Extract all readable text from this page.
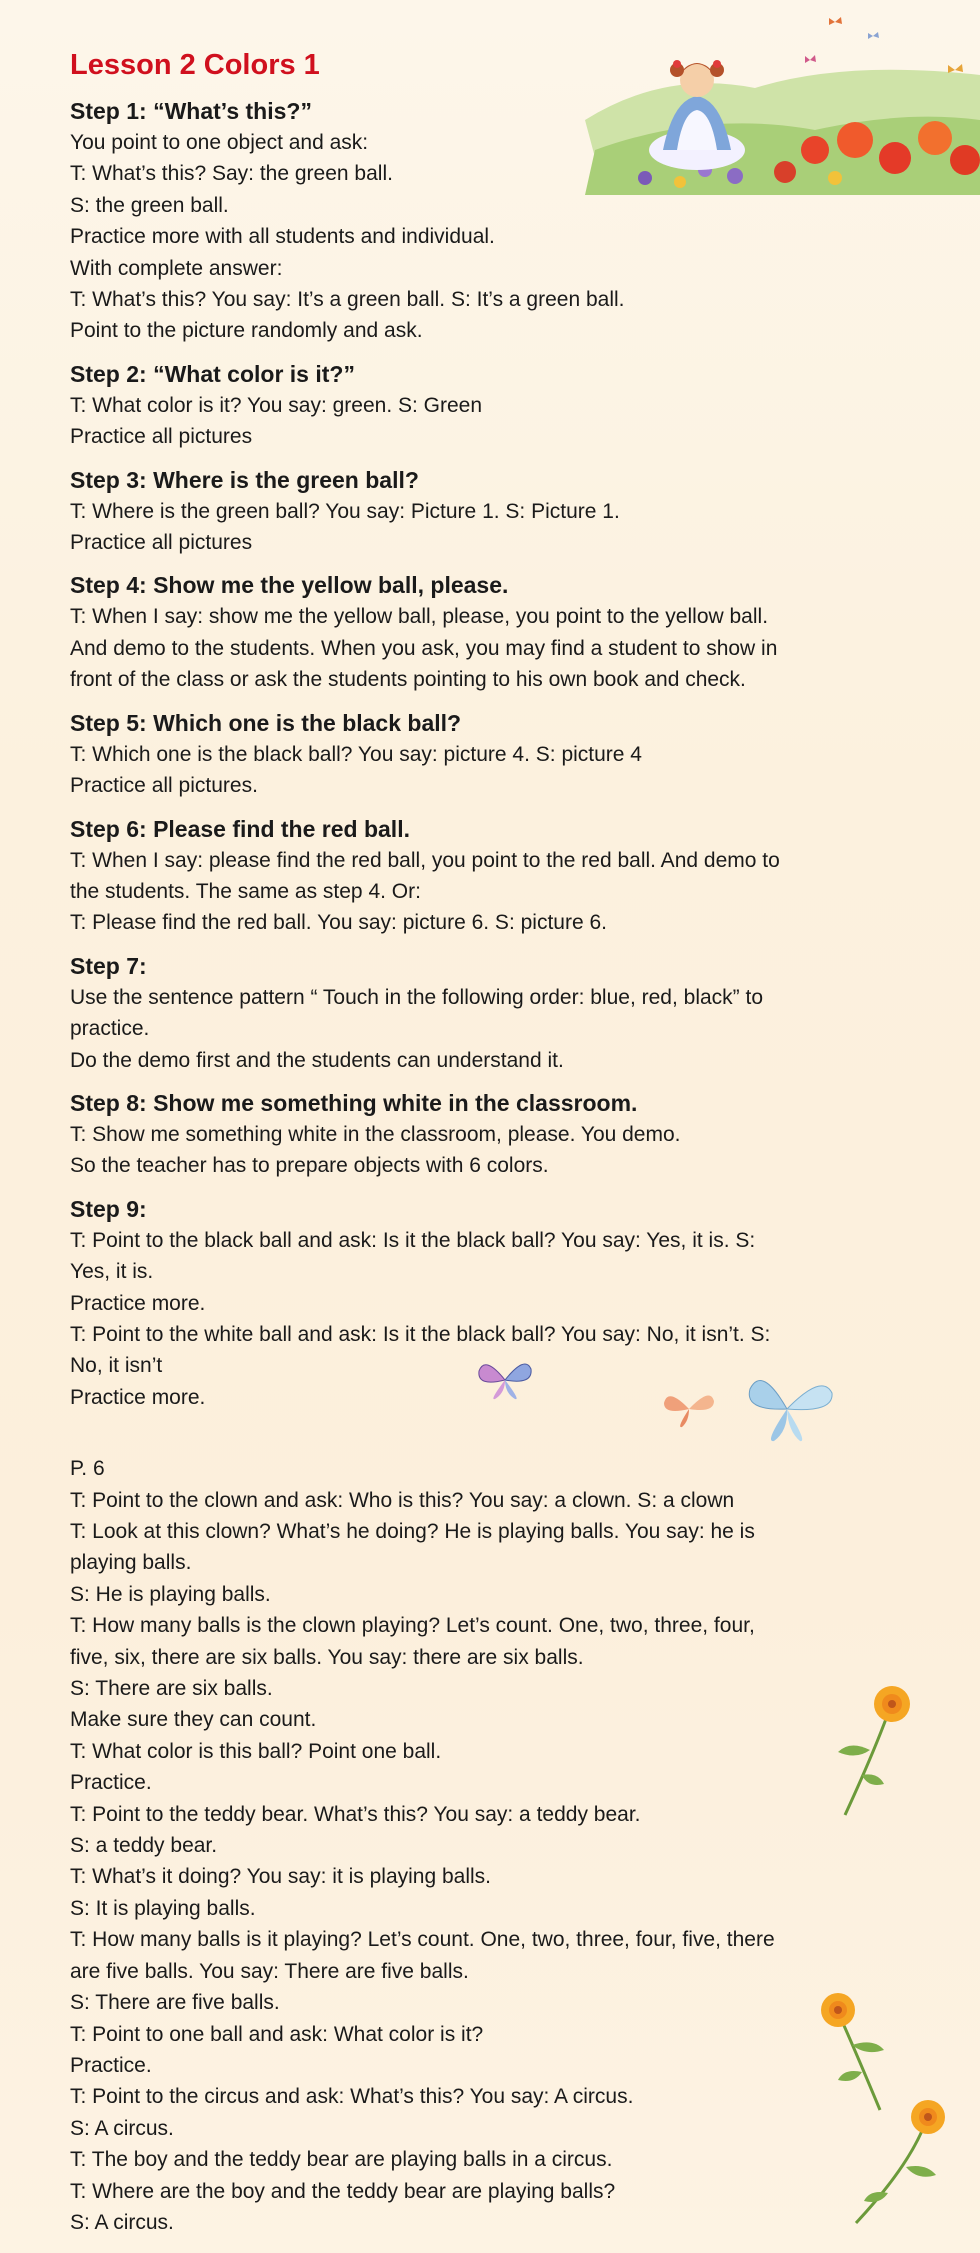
Lesson 2 Colors 1

Step 1: “What’s this?”

You point to one object and ask:

T: What’s this? Say: the green ball.

S: the green ball.

Practice more with all students and individual.

With complete answer:

T: What’s this? You say: It’s a green ball. S: It’s a green ball.

Point to the picture randomly and ask.

Step 2: “What color is it?”

T: What color is it? You say: green. S: Green

Practice all pictures

Step 3: Where is the green ball?

T: Where is the green ball? You say: Picture 1. S: Picture 1.

Practice all pictures

Step 4: Show me the yellow ball, please.

T: When I say: show me the yellow ball, please, you point to the yellow ball.

And demo to the students. When you ask, you may find a student to show in

front of the class or ask the students pointing to his own book and check.

Step 5: Which one is the black ball?

T: Which one is the black ball? You say: picture 4. S: picture 4

Practice all pictures.

Step 6: Please find the red ball.

T: When I say: please find the red ball, you point to the red ball. And demo to

the students. The same as step 4. Or:

T: Please find the red ball. You say: picture 6. S: picture 6.

Step 7:

Use the sentence pattern “ Touch in the following order: blue, red, black” to

practice.

Do the demo first and the students can understand it.

Step 8: Show me something white in the classroom.

T: Show me something white in the classroom, please. You demo.

So the teacher has to prepare objects with 6 colors.

Step 9:

T: Point to the black ball and ask: Is it the black ball? You say: Yes, it is. S:

Yes, it is.

Practice more.

T: Point to the white ball and ask: Is it the black ball? You say: No, it isn’t. S:

No, it isn’t

Practice more.

P. 6

T: Point to the clown and ask: Who is this? You say: a clown. S: a clown

T: Look at this clown? What’s he doing? He is playing balls. You say: he is

playing balls.

S: He is playing balls.

T: How many balls is the clown playing? Let’s count. One, two, three, four,

five, six, there are six balls. You say: there are six balls.

S: There are six balls.

Make sure they can count.

T: What color is this ball? Point one ball.

Practice.

T: Point to the teddy bear. What’s this? You say: a teddy bear.

S: a teddy bear.

T: What’s it doing? You say: it is playing balls.

S: It is playing balls.

T: How many balls is it playing? Let’s count. One, two, three, four, five, there

are five balls. You say: There are five balls.

S: There are five balls.

T: Point to one ball and ask: What color is it?

Practice.

T: Point to the circus and ask: What’s this? You say: A circus.

S: A circus.

T: The boy and the teddy bear are playing balls in a circus.

T: Where are the boy and the teddy bear are playing balls?

S: A circus.
